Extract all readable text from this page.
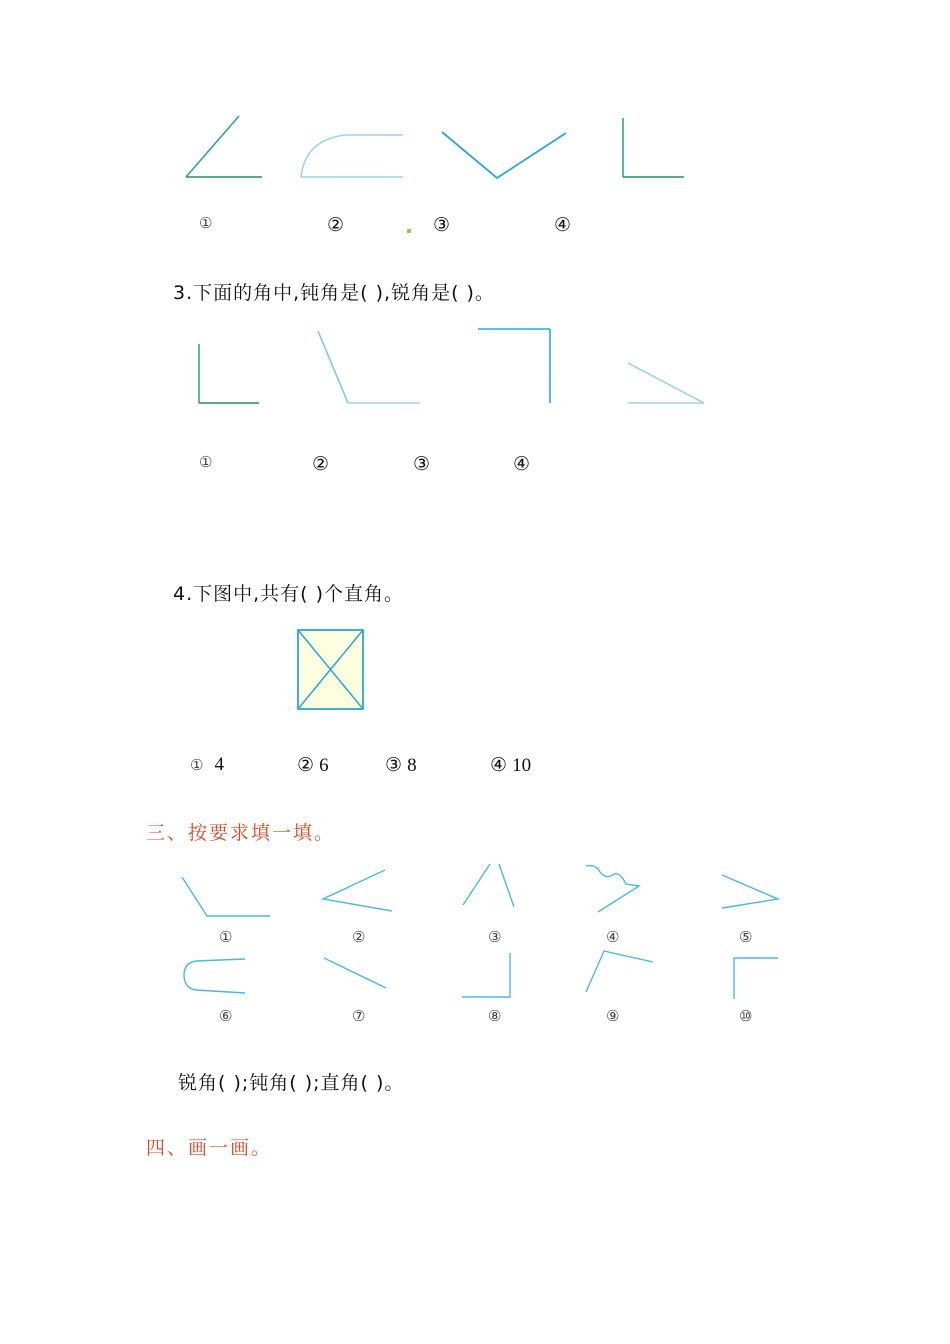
①	②	③	④
3.下面的角中,钝角是( ),锐角是( )。
①	②	③	④
4.下图中,共有( )个直角。
① 4	② 6	③ 8	④ 10
三、按要求填一填。
①	②	③	④	⑤
⑥	⑦	⑧	⑨	⑩
锐角( );钝角( );直角( )。
四、画一画。
